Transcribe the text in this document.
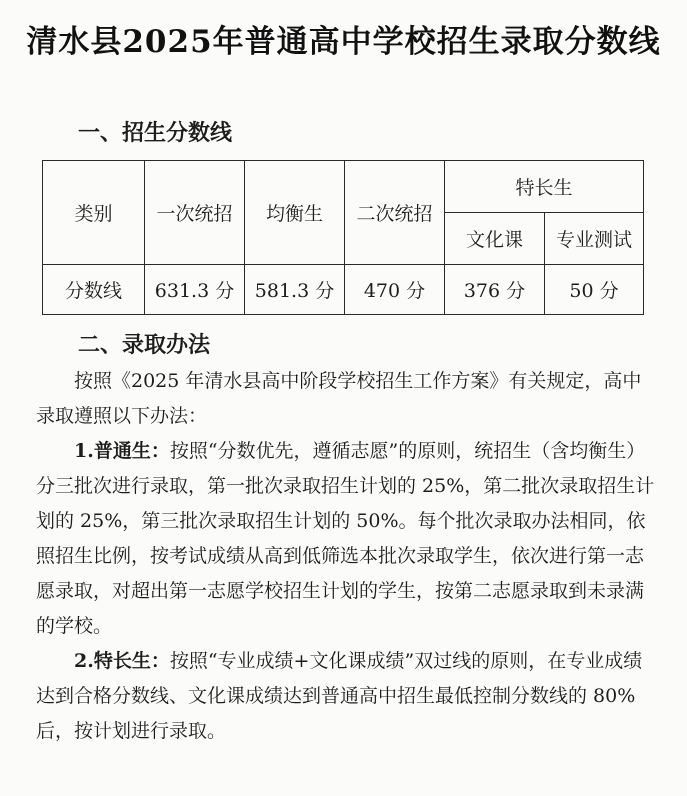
清水县2025年普通高中学校招生录取分数线
一、招生分数线
类别	一次统招	均衡生	二次统招	特长生	
				文化课	专业测试
分数线	631.3 分	581.3 分	470 分	376 分	50 分
二、录取办法

按照《2025 年清水县高中阶段学校招生工作方案》有关规定，高中录取遵照以下办法：

1.普通生：按照“分数优先，遵循志愿”的原则，统招生（含均衡生）分三批次进行录取，第一批次录取招生计划的 25%，第二批次录取招生计划的 25%，第三批次录取招生计划的 50%。每个批次录取办法相同，依照招生比例，按考试成绩从高到低筛选本批次录取学生，依次进行第一志愿录取，对超出第一志愿学校招生计划的学生，按第二志愿录取到未录满的学校。

2.特长生：按照“专业成绩+文化课成绩”双过线的原则，在专业成绩达到合格分数线、文化课成绩达到普通高中招生最低控制分数线的 80%后，按计划进行录取。
